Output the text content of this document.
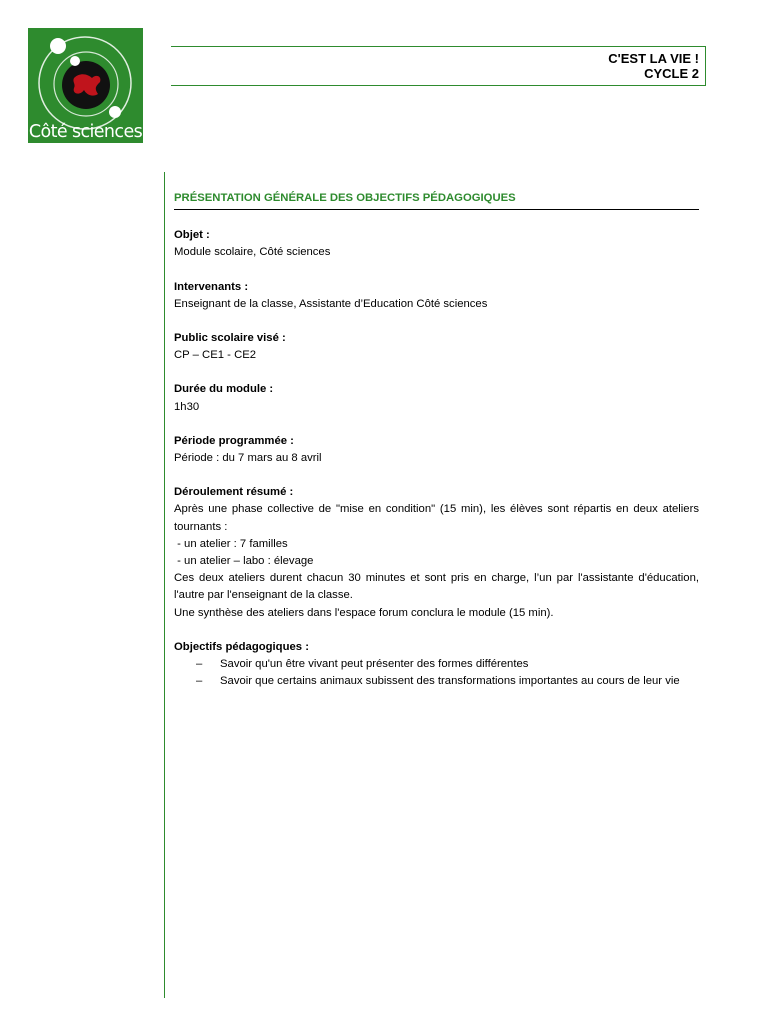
Côté sciences
C'EST LA VIE !
CYCLE 2
PRÉSENTATION GÉNÉRALE DES OBJECTIFS PÉDAGOGIQUES
Objet :
Module scolaire, Côté sciences
Intervenants :
Enseignant de la classe, Assistante d’Education Côté sciences
Public scolaire visé :
CP – CE1 - CE2
Durée du module :
1h30
Période programmée :
Période : du 7 mars au 8 avril
Déroulement résumé :
Après une phase collective de "mise en condition" (15 min), les élèves sont répartis en deux ateliers tournants :
- un atelier : 7 familles
- un atelier – labo : élevage
Ces deux ateliers durent chacun 30 minutes et sont pris en charge, l’un par l'assistante d'éducation, l'autre par l'enseignant de la classe.
Une synthèse des ateliers dans l'espace forum conclura le module (15 min).
Objectifs pédagogiques :
– Savoir qu'un être vivant peut présenter des formes différentes
– Savoir que certains animaux subissent des transformations importantes au cours de leur vie
